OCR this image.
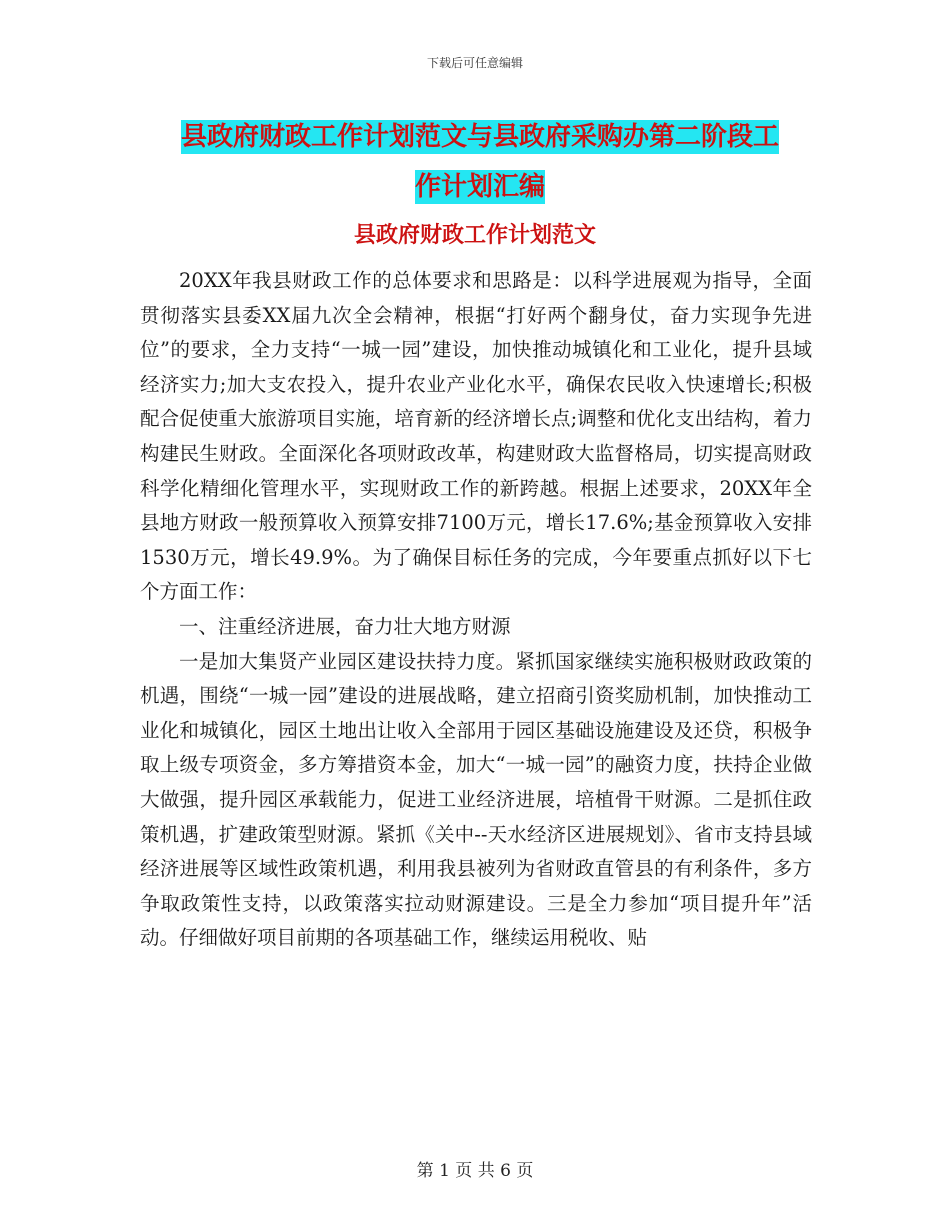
下载后可任意编辑
县政府财政工作计划范文与县政府采购办第二阶段工
作计划汇编
县政府财政工作计划范文

20XX年我县财政工作的总体要求和思路是：以科学进展观为指导，全面贯彻落实县委XX届九次全会精神，根据“打好两个翻身仗，奋力实现争先进位”的要求，全力支持“一城一园”建设，加快推动城镇化和工业化，提升县域经济实力;加大支农投入，提升农业产业化水平，确保农民收入快速增长;积极配合促使重大旅游项目实施，培育新的经济增长点;调整和优化支出结构，着力构建民生财政。全面深化各项财政改革，构建财政大监督格局，切实提高财政科学化精细化管理水平，实现财政工作的新跨越。根据上述要求，20XX年全县地方财政一般预算收入预算安排7100万元，增长17.6%;基金预算收入安排1530万元，增长49.9%。为了确保目标任务的完成，今年要重点抓好以下七个方面工作：

一、注重经济进展，奋力壮大地方财源

一是加大集贤产业园区建设扶持力度。紧抓国家继续实施积极财政政策的机遇，围绕“一城一园”建设的进展战略，建立招商引资奖励机制，加快推动工业化和城镇化，园区土地出让收入全部用于园区基础设施建设及还贷，积极争取上级专项资金，多方筹措资本金，加大“一城一园”的融资力度，扶持企业做大做强，提升园区承载能力，促进工业经济进展，培植骨干财源。二是抓住政策机遇，扩建政策型财源。紧抓《关中--天水经济区进展规划》、省市支持县域经济进展等区域性政策机遇，利用我县被列为省财政直管县的有利条件，多方争取政策性支持，以政策落实拉动财源建设。三是全力参加“项目提升年”活动。仔细做好项目前期的各项基础工作，继续运用税收、贴

第 1 页 共 6 页
